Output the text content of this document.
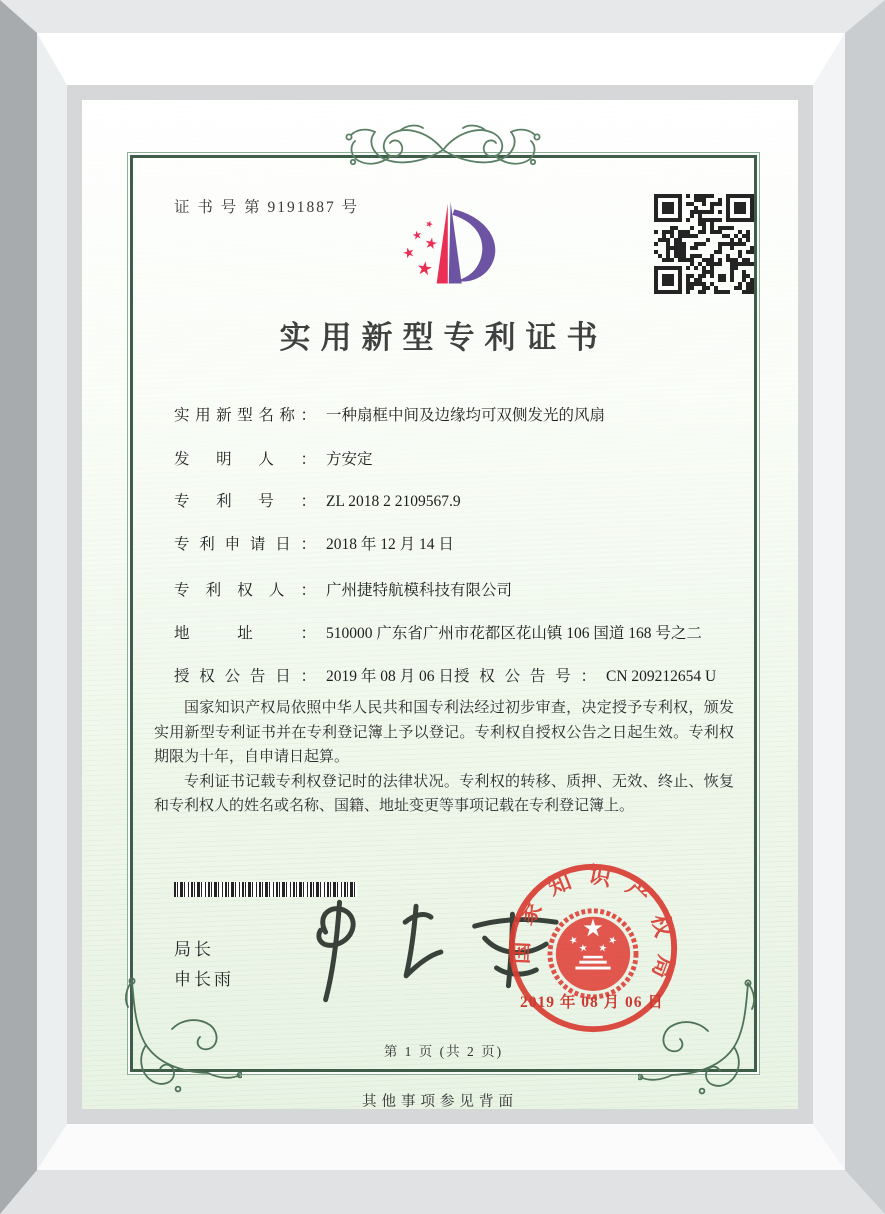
证 书 号 第 9191887 号
实用新型专利证书
实用新型名称： 一种扇框中间及边缘均可双侧发光的风扇
发明人： 方安定
专利号： ZL 2018 2 2109567.9
专利申请日： 2018 年 12 月 14 日
专利权人： 广州捷特航模科技有限公司
地址： 510000 广东省广州市花都区花山镇 106 国道 168 号之二
授权公告日： 2019 年 08 月 06 日 授权公告号： CN 209212654 U

国家知识产权局依照中华人民共和国专利法经过初步审查，决定授予专利权，颁发实用新型专利证书并在专利登记簿上予以登记。专利权自授权公告之日起生效。专利权期限为十年，自申请日起算。

专利证书记载专利权登记时的法律状况。专利权的转移、质押、无效、终止、恢复和专利权人的姓名或名称、国籍、地址变更等事项记载在专利登记簿上。

局长
申长雨
国家知识产权局
2019 年 08 月 06 日
第 1 页 (共 2 页)
其他事项参见背面
